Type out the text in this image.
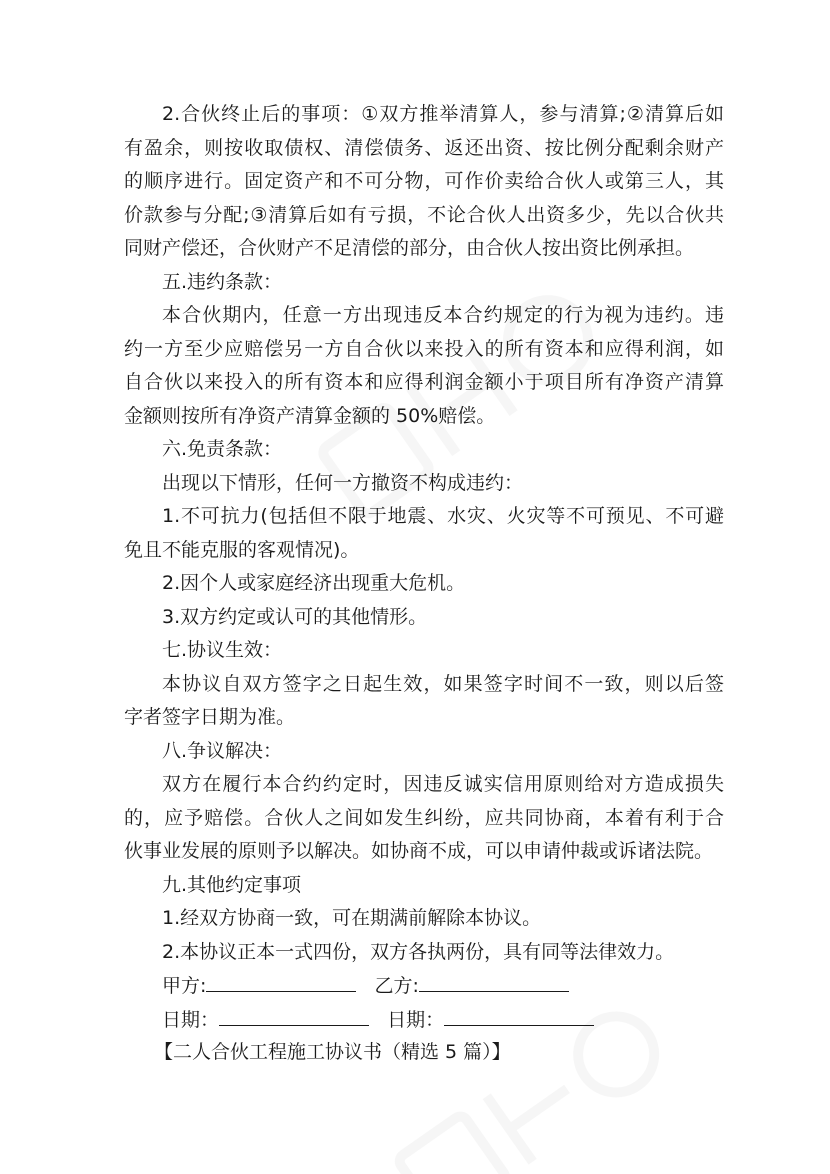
2.合伙终止后的事项：①双方推举清算人，参与清算;②清算后如
有盈余，则按收取债权、清偿债务、返还出资、按比例分配剩余财产
的顺序进行。固定资产和不可分物，可作价卖给合伙人或第三人，其
价款参与分配;③清算后如有亏损，不论合伙人出资多少，先以合伙共
同财产偿还，合伙财产不足清偿的部分，由合伙人按出资比例承担。
五.违约条款：
本合伙期内，任意一方出现违反本合约规定的行为视为违约。违
约一方至少应赔偿另一方自合伙以来投入的所有资本和应得利润，如
自合伙以来投入的所有资本和应得利润金额小于项目所有净资产清算
金额则按所有净资产清算金额的 50%赔偿。
六.免责条款：
出现以下情形，任何一方撤资不构成违约：
1.不可抗力(包括但不限于地震、水灾、火灾等不可预见、不可避
免且不能克服的客观情况)。
2.因个人或家庭经济出现重大危机。
3.双方约定或认可的其他情形。
七.协议生效：
本协议自双方签字之日起生效，如果签字时间不一致，则以后签
字者签字日期为准。
八.争议解决：
双方在履行本合约约定时，因违反诚实信用原则给对方造成损失
的，应予赔偿。合伙人之间如发生纠纷，应共同协商，本着有利于合
伙事业发展的原则予以解决。如协商不成，可以申请仲裁或诉诸法院。
九.其他约定事项
1.经双方协商一致，可在期满前解除本协议。
2.本协议正本一式四份，双方各执两份，具有同等法律效力。
甲方:	乙方:
日期：	日期：
【二人合伙工程施工协议书（精选 5 篇）】
